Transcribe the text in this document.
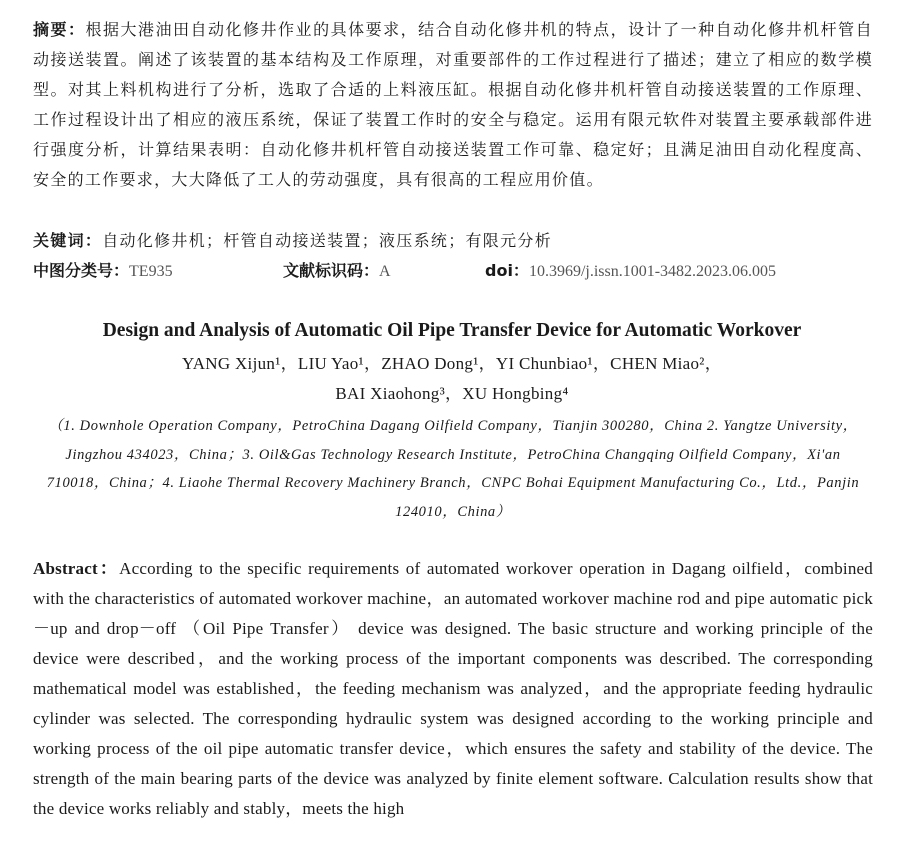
摘要：根据大港油田自动化修井作业的具体要求，结合自动化修井机的特点，设计了一种自动化修井机杆管自动接送装置。阐述了该装置的基本结构及工作原理，对重要部件的工作过程进行了描述；建立了相应的数学模型。对其上料机构进行了分析，选取了合适的上料液压缸。根据自动化修井机杆管自动接送装置的工作原理、工作过程设计出了相应的液压系统，保证了装置工作时的安全与稳定。运用有限元软件对装置主要承载部件进行强度分析，计算结果表明：自动化修井机杆管自动接送装置工作可靠、稳定好；且满足油田自动化程度高、安全的工作要求，大大降低了工人的劳动强度，具有很高的工程应用价值。
关键词：自动化修井机；杆管自动接送装置；液压系统；有限元分析
中图分类号：TE935	文献标识码：A	doi：10.3969/j.issn.1001-3482.2023.06.005
Design and Analysis of Automatic Oil Pipe Transfer Device for Automatic Workover
YANG Xijun¹，LIU Yao¹，ZHAO Dong¹，YI Chunbiao¹，CHEN Miao²，
BAI Xiaohong³，XU Hongbing⁴
（1. Downhole Operation Company，PetroChina Dagang Oilfield Company，Tianjin 300280，China 2. Yangtze University，Jingzhou 434023，China；3. Oil&Gas Technology Research Institute，PetroChina Changqing Oilfield Company，Xi'an 710018，China；4. Liaohe Thermal Recovery Machinery Branch，CNPC Bohai Equipment Manufacturing Co.，Ltd.，Panjin 124010，China）
Abstract：According to the specific requirements of automated workover operation in Dagang oilfield，combined with the characteristics of automated workover machine，an automated workover machine rod and pipe automatic pick－up and drop－off （Oil Pipe Transfer） device was designed. The basic structure and working principle of the device were described，and the working process of the important components was described. The corresponding mathematical model was established，the feeding mechanism was analyzed，and the appropriate feeding hydraulic cylinder was selected. The corresponding hydraulic system was designed according to the working principle and working process of the oil pipe automatic transfer device，which ensures the safety and stability of the device. The strength of the main bearing parts of the device was analyzed by finite element software. Calculation results show that the device works reliably and stably，meets the high
